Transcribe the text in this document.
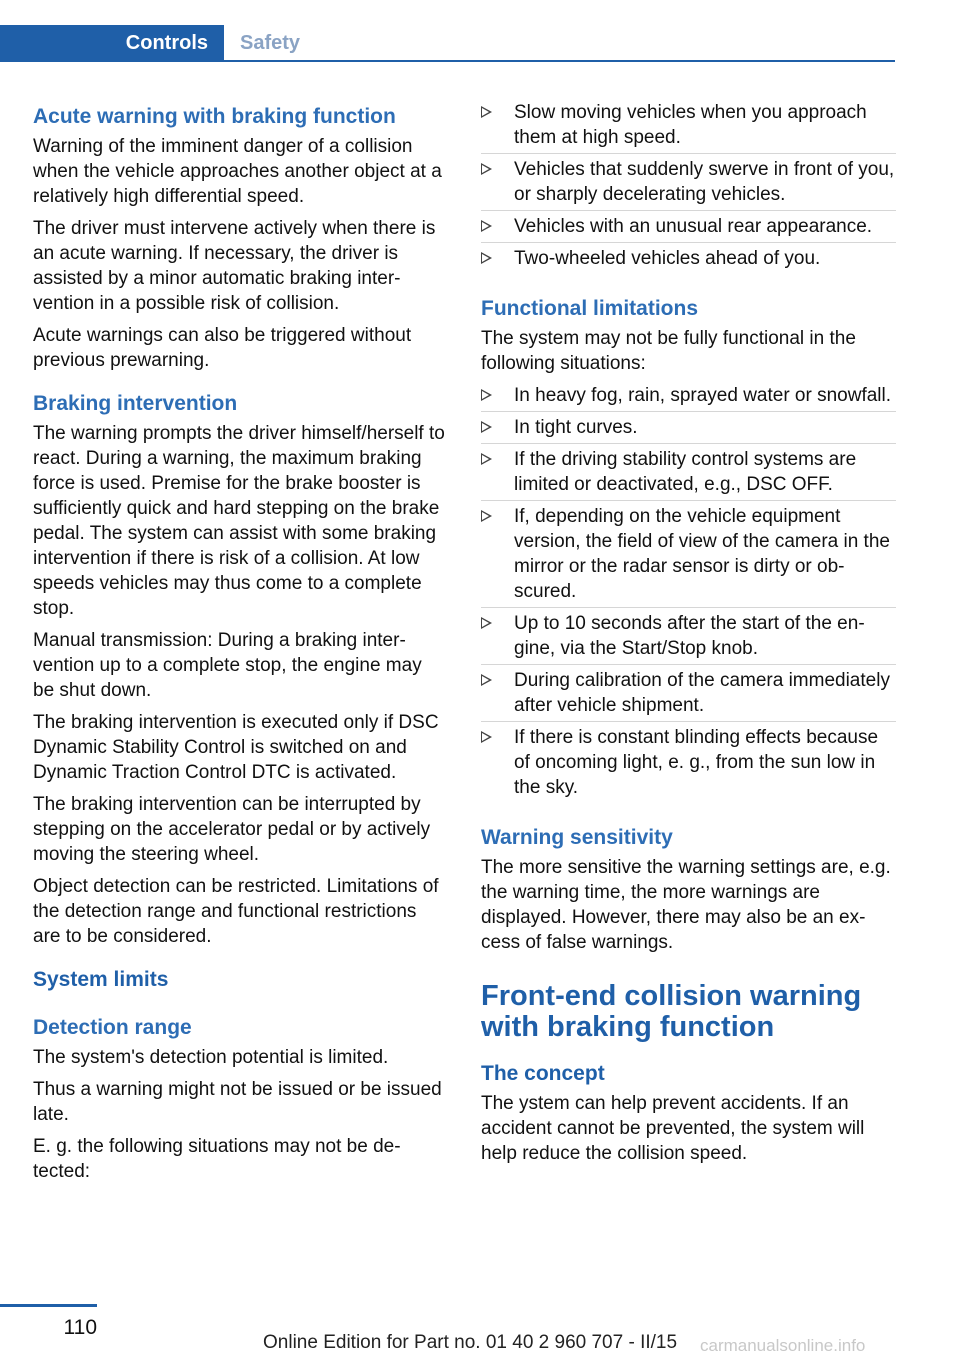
Controls	Safety
Acute warning with braking function

Warning of the imminent danger of a collision when the vehicle approaches another object at a relatively high differential speed.

The driver must intervene actively when there is an acute warning. If necessary, the driver is assisted by a minor automatic braking intervention in a possible risk of collision.

Acute warnings can also be triggered without previous prewarning.

Braking intervention

The warning prompts the driver himself/herself to react. During a warning, the maximum braking force is used. Premise for the brake booster is sufficiently quick and hard stepping on the brake pedal. The system can assist with some braking intervention if there is risk of a collision. At low speeds vehicles may thus come to a complete stop.

Manual transmission: During a braking intervention up to a complete stop, the engine may be shut down.

The braking intervention is executed only if DSC Dynamic Stability Control is switched on and Dynamic Traction Control DTC is activated.

The braking intervention can be interrupted by stepping on the accelerator pedal or by actively moving the steering wheel.

Object detection can be restricted. Limitations of the detection range and functional restrictions are to be considered.

System limits
Detection range

The system's detection potential is limited.

Thus a warning might not be issued or be issued late.

E. g. the following situations may not be detected:

Slow moving vehicles when you approach them at high speed.
Vehicles that suddenly swerve in front of you, or sharply decelerating vehicles.
Vehicles with an unusual rear appearance.
Two-wheeled vehicles ahead of you.
Functional limitations

The system may not be fully functional in the following situations:

In heavy fog, rain, sprayed water or snowfall.
In tight curves.
If the driving stability control systems are limited or deactivated, e.g., DSC OFF.
If, depending on the vehicle equipment version, the field of view of the camera in the mirror or the radar sensor is dirty or obscured.
Up to 10 seconds after the start of the engine, via the Start/Stop knob.
During calibration of the camera immediately after vehicle shipment.
If there is constant blinding effects because of oncoming light, e. g., from the sun low in the sky.
Warning sensitivity

The more sensitive the warning settings are, e.g. the warning time, the more warnings are displayed. However, there may also be an excess of false warnings.

Front-end collision warning with braking function
The concept

The ystem can help prevent accidents. If an accident cannot be prevented, the system will help reduce the collision speed.

110
Online Edition for Part no. 01 40 2 960 707 - II/15 carmanualsonline.info
